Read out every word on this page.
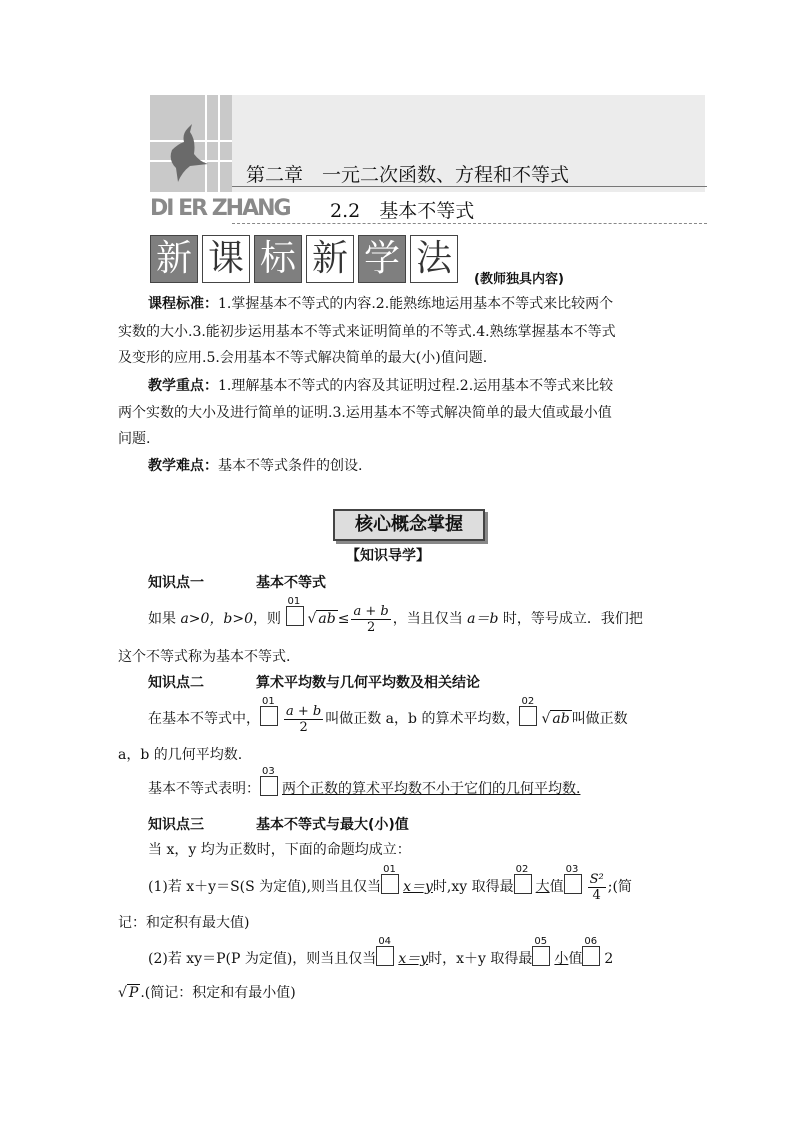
第二章　一元二次函数、方程和不等式
2.2　基本不等式
DI ER ZHANG
新 课 标 新 学 法
(教师独具内容)
课程标准：1.掌握基本不等式的内容.2.能熟练地运用基本不等式来比较两个
实数的大小.3.能初步运用基本不等式来证明简单的不等式.4.熟练掌握基本不等式
及变形的应用.5.会用基本不等式解决简单的最大(小)值问题.
教学重点：1.理解基本不等式的内容及其证明过程.2.运用基本不等式来比较
两个实数的大小及进行简单的证明.3.运用基本不等式解决简单的最大值或最小值
问题.
教学难点：基本不等式条件的创设.
核心概念掌握
【知识导学】
知识点一	基本不等式
如果 a>0，b>0，则
01
√ ab ≤ $\frac{a + b}{2}$ ，当且仅当 a＝b 时，等号成立．我们把
这个不等式称为基本不等式.
知识点二	算术平均数与几何平均数及相关结论
在基本不等式中，
01
$\frac{a + b}{2}$ 叫做正数 a，b 的算术平均数，
02
√ ab 叫做正数
a，b 的几何平均数.
基本不等式表明：
03
两个正数的算术平均数不小于它们的几何平均数.
知识点三	基本不等式与最大(小)值
当 x，y 均为正数时，下面的命题均成立：
(1)若 x＋y＝S(S 为定值),则当且仅当
01
x＝y时,xy 取得最
02
大值
03
$\frac{\text{S²}}{4}$ ;(简
记：和定积有最大值)
(2)若 xy＝P(P 为定值)，则当且仅当
04
x＝y时，x＋y 取得最
05
小值
06
2
√ P .(简记：积定和有最小值)
